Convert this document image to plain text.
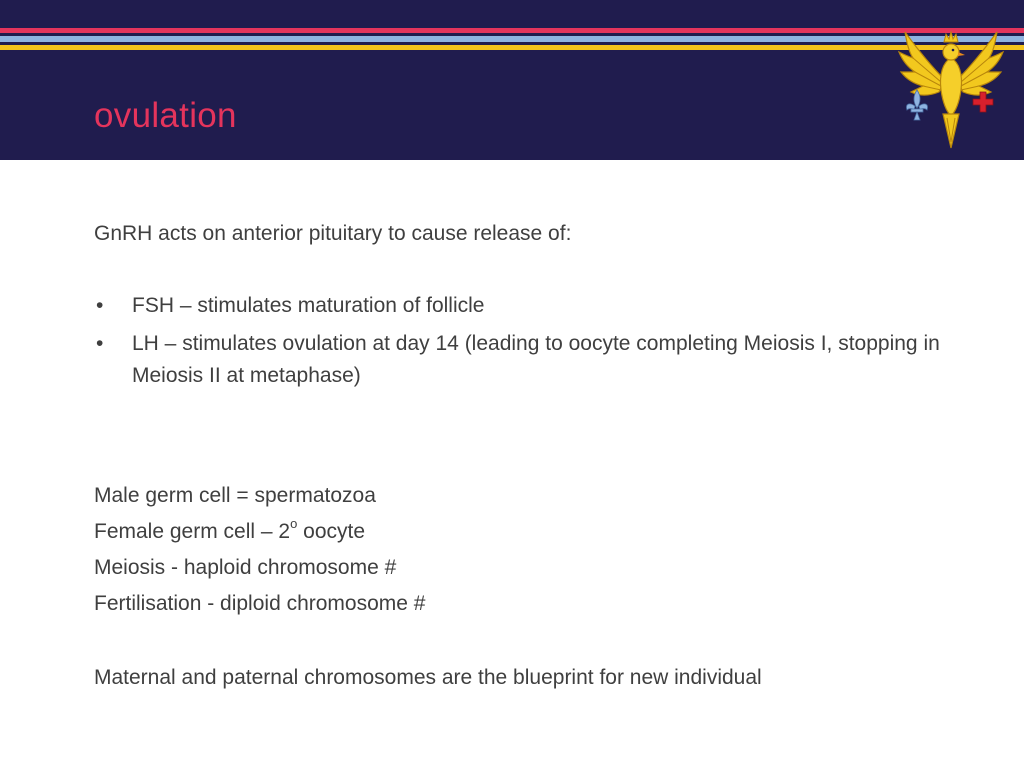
ovulation

GnRH acts on anterior pituitary to cause release of:

• FSH – stimulates maturation of follicle
• LH – stimulates ovulation at day 14 (leading to oocyte completing Meiosis I, stopping in Meiosis II at metaphase)

Male germ cell = spermatozoa

Female germ cell – 2$^o$ oocyte

Meiosis - haploid chromosome #

Fertilisation - diploid chromosome #

Maternal and paternal chromosomes are the blueprint for new individual
